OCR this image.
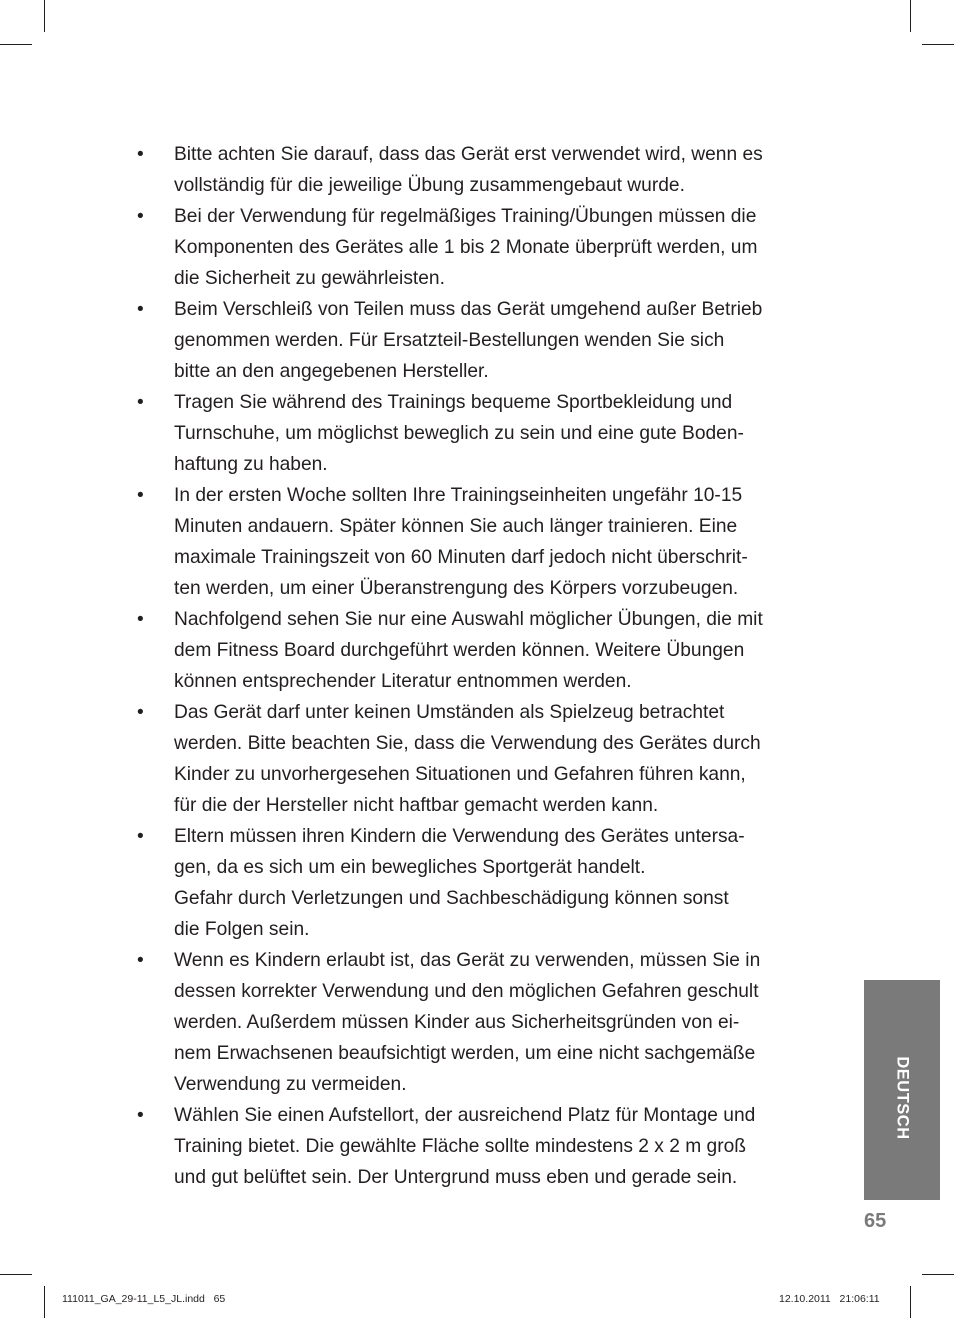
• Bitte achten Sie darauf, dass das Gerät erst verwendet wird, wenn es
vollständig für die jeweilige Übung zusammengebaut wurde.
• Bei der Verwendung für regelmäßiges Training/Übungen müssen die
Komponenten des Gerätes alle 1 bis 2 Monate überprüft werden, um
die Sicherheit zu gewährleisten.
• Beim Verschleiß von Teilen muss das Gerät umgehend außer Betrieb
genommen werden. Für Ersatzteil-Bestellungen wenden Sie sich
bitte an den angegebenen Hersteller.
• Tragen Sie während des Trainings bequeme Sportbekleidung und
Turnschuhe, um möglichst beweglich zu sein und eine gute Boden-
haftung zu haben.
• In der ersten Woche sollten Ihre Trainingseinheiten ungefähr 10-15
Minuten andauern. Später können Sie auch länger trainieren. Eine
maximale Trainingszeit von 60 Minuten darf jedoch nicht überschrit-
ten werden, um einer Überanstrengung des Körpers vorzubeugen.
• Nachfolgend sehen Sie nur eine Auswahl möglicher Übungen, die mit
dem Fitness Board durchgeführt werden können. Weitere Übungen
können entsprechender Literatur entnommen werden.
• Das Gerät darf unter keinen Umständen als Spielzeug betrachtet
werden. Bitte beachten Sie, dass die Verwendung des Gerätes durch
Kinder zu unvorhergesehen Situationen und Gefahren führen kann,
für die der Hersteller nicht haftbar gemacht werden kann.
• Eltern müssen ihren Kindern die Verwendung des Gerätes untersa-
gen, da es sich um ein bewegliches Sportgerät handelt.
Gefahr durch Verletzungen und Sachbeschädigung können sonst
die Folgen sein.
• Wenn es Kindern erlaubt ist, das Gerät zu verwenden, müssen Sie in
dessen korrekter Verwendung und den möglichen Gefahren geschult
werden. Außerdem müssen Kinder aus Sicherheitsgründen von ei-
nem Erwachsenen beaufsichtigt werden, um eine nicht sachgemäße
Verwendung zu vermeiden.
• Wählen Sie einen Aufstellort, der ausreichend Platz für Montage und
Training bietet. Die gewählte Fläche sollte mindestens 2 x 2 m groß
und gut belüftet sein. Der Untergrund muss eben und gerade sein.
DEUTSCH
65
111011_GA_29-11_L5_JL.indd   65	12.10.2011   21:06:11
